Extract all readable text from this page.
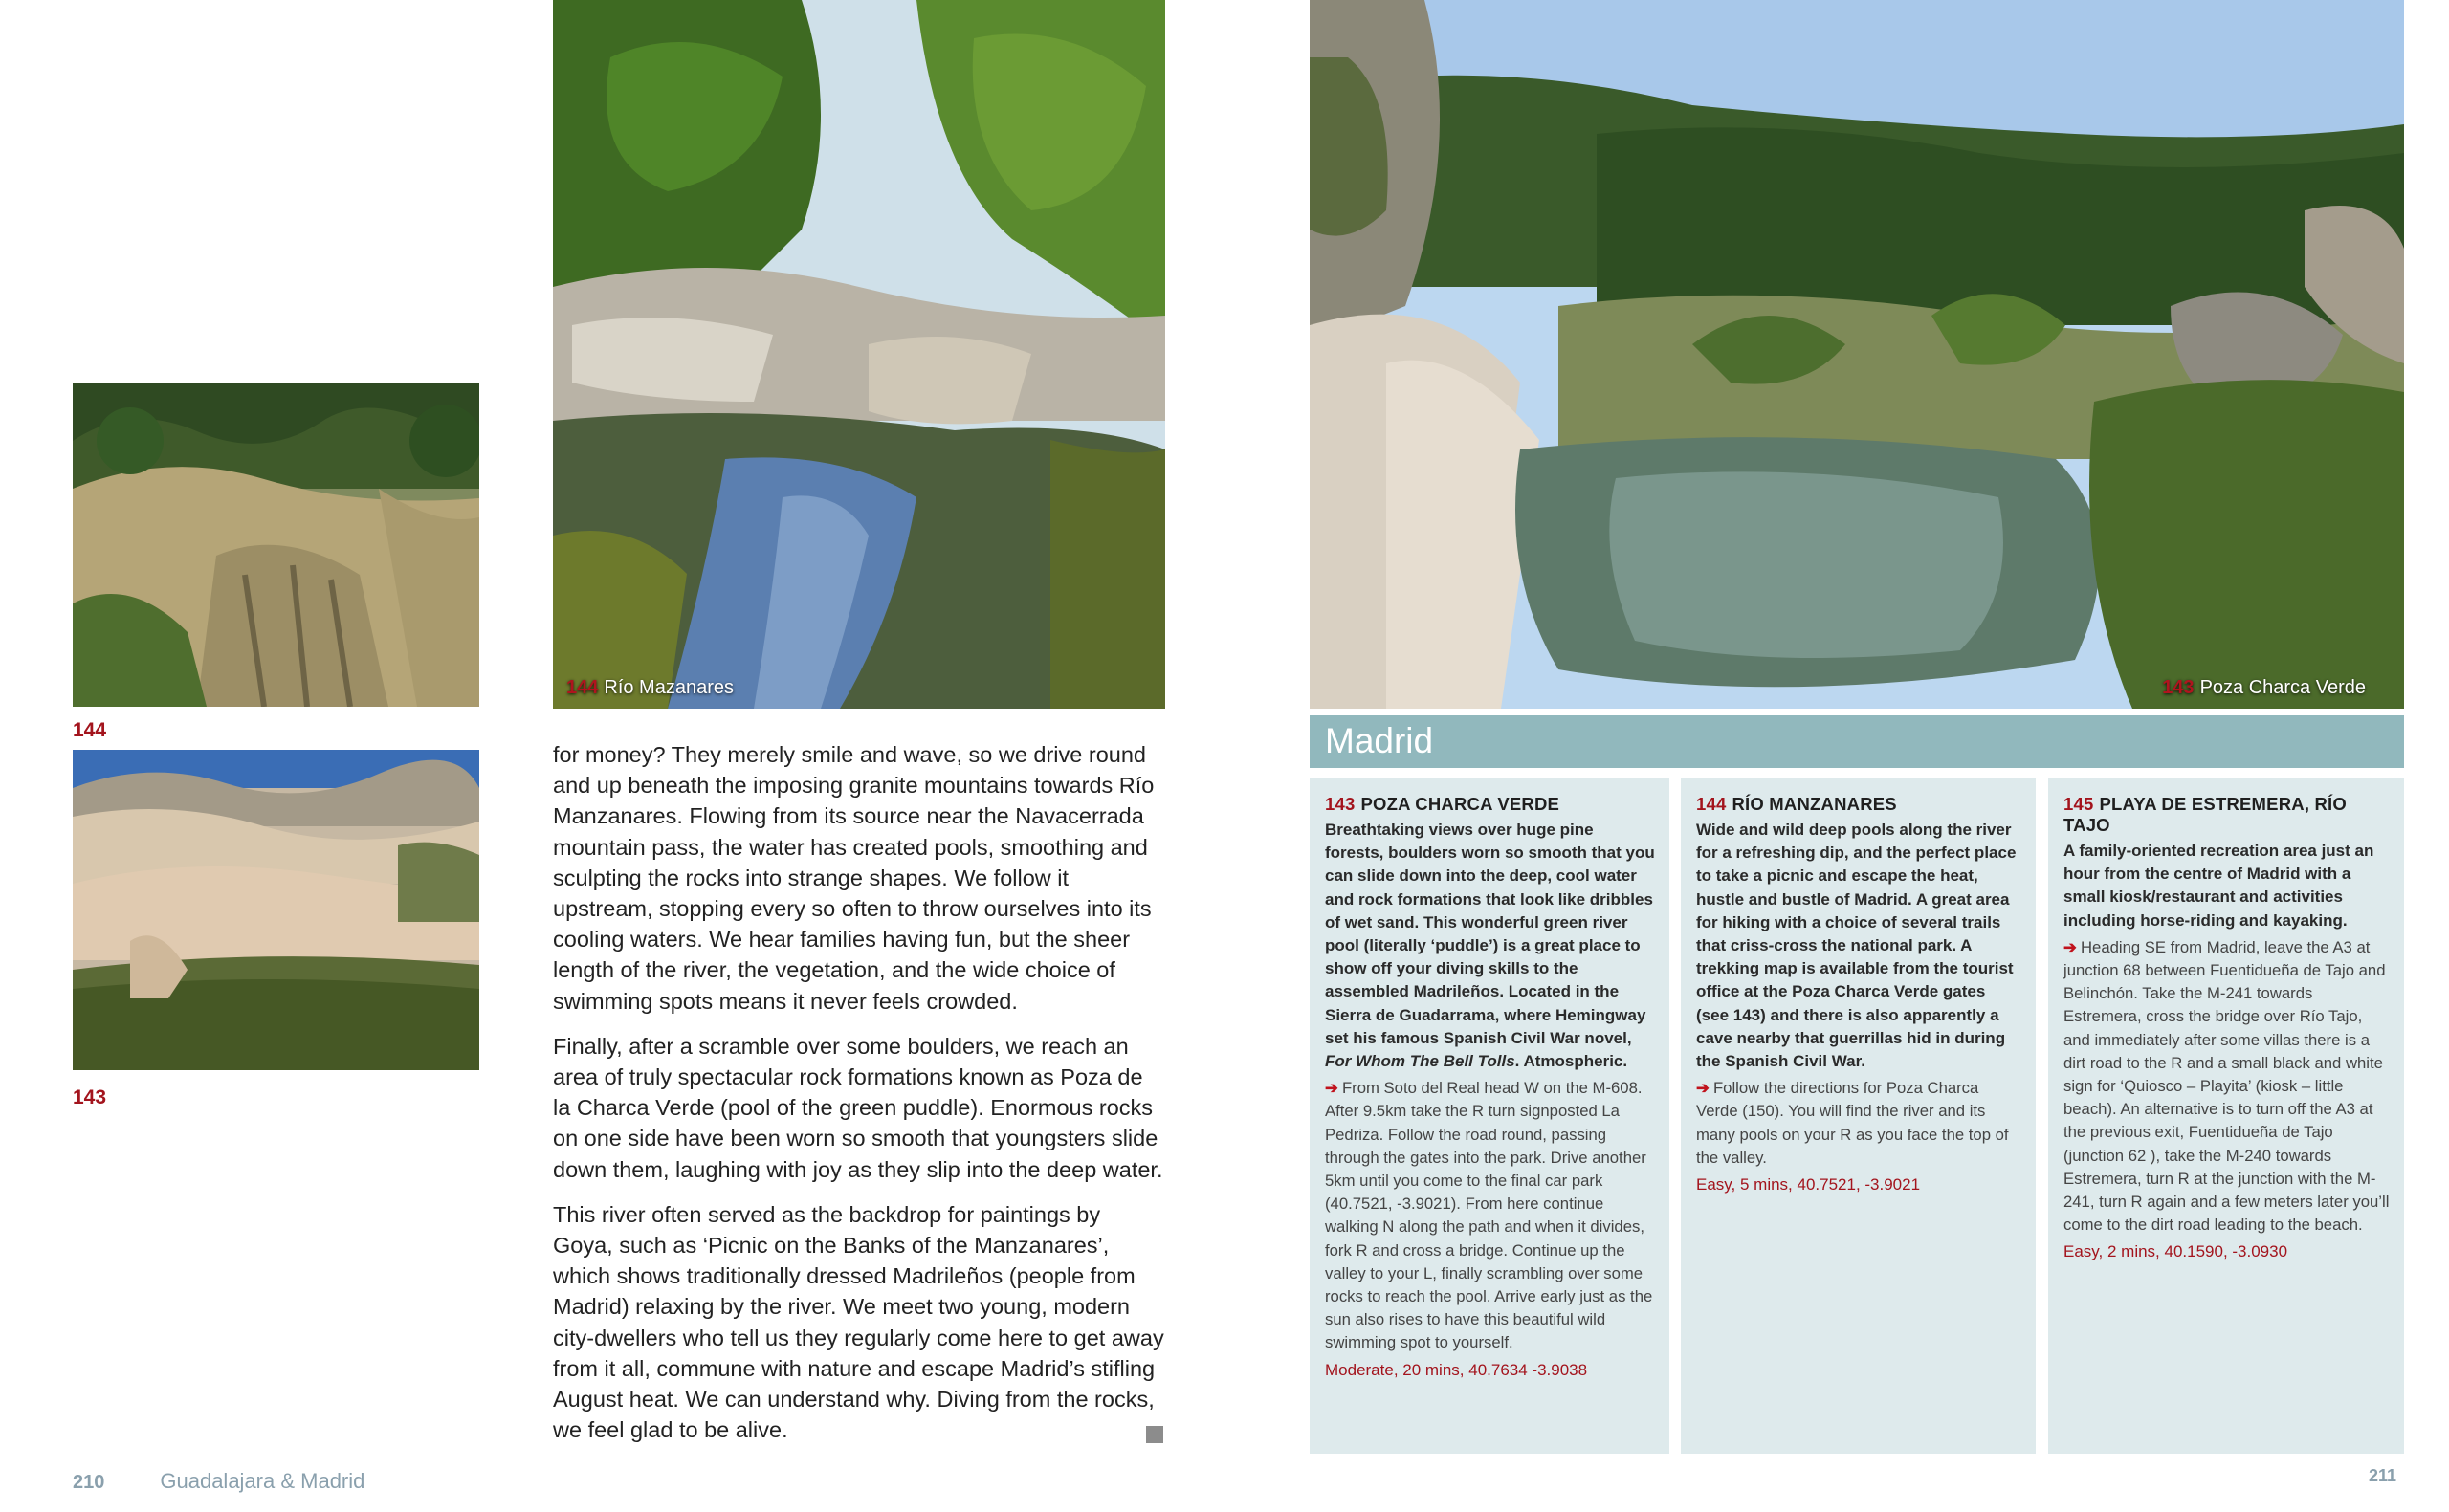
144
143
144 Río Mazanares

for money? They merely smile and wave, so we drive round and up beneath the imposing granite mountains towards Río Manzanares. Flowing from its source near the Navacerrada mountain pass, the water has created pools, smoothing and sculpting the rocks into strange shapes. We follow it upstream, stopping every so often to throw ourselves into its cooling waters. We hear families having fun, but the sheer length of the river, the vegetation, and the wide choice of swimming spots means it never feels crowded.

Finally, after a scramble over some boulders, we reach an area of truly spectacular rock formations known as Poza de la Charca Verde (pool of the green puddle). Enormous rocks on one side have been worn so smooth that youngsters slide down them, laughing with joy as they slip into the deep water.

This river often served as the backdrop for paintings by Goya, such as ‘Picnic on the Banks of the Manzanares’, which shows traditionally dressed Madrileños (people from Madrid) relaxing by the river. We meet two young, modern city-dwellers who tell us they regularly come here to get away from it all, commune with nature and escape Madrid’s stifling August heat. We can understand why. Diving from the rocks, we feel glad to be alive.

210	Guadalajara & Madrid
143 Poza Charca Verde
Madrid
143 POZA CHARCA VERDE
Breathtaking views over huge pine forests, boulders worn so smooth that you can slide down into the deep, cool water and rock formations that look like dribbles of wet sand. This wonderful green river pool (literally ‘puddle’) is a great place to show off your diving skills to the assembled Madrileños. Located in the Sierra de Guadarrama, where Hemingway set his famous Spanish Civil War novel, For Whom The Bell Tolls. Atmospheric.
➔ From Soto del Real head W on the M-608. After 9.5km take the R turn signposted La Pedriza. Follow the road round, passing through the gates into the park. Drive another 5km until you come to the final car park (40.7521, -3.9021). From here continue walking N along the path and when it divides, fork R and cross a bridge. Continue up the valley to your L, finally scrambling over some rocks to reach the pool. Arrive early just as the sun also rises to have this beautiful wild swimming spot to yourself.
Moderate, 20 mins, 40.7634 -3.9038
144 RÍO MANZANARES
Wide and wild deep pools along the river for a refreshing dip, and the perfect place to take a picnic and escape the heat, hustle and bustle of Madrid. A great area for hiking with a choice of several trails that criss-cross the national park. A trekking map is available from the tourist office at the Poza Charca Verde gates (see 143) and there is also apparently a cave nearby that guerrillas hid in during the Spanish Civil War.
➔ Follow the directions for Poza Charca Verde (150). You will find the river and its many pools on your R as you face the top of the valley.
Easy, 5 mins, 40.7521, -3.9021
145 PLAYA DE ESTREMERA, RÍO TAJO
A family-oriented recreation area just an hour from the centre of Madrid with a small kiosk/restaurant and activities including horse-riding and kayaking.
➔ Heading SE from Madrid, leave the A3 at junction 68 between Fuentidueña de Tajo and Belinchón. Take the M-241 towards Estremera, cross the bridge over Río Tajo, and immediately after some villas there is a dirt road to the R and a small black and white sign for ‘Quiosco – Playita’ (kiosk – little beach). An alternative is to turn off the A3 at the previous exit, Fuentidueña de Tajo (junction 62 ), take the M-240 towards Estremera, turn R at the junction with the M-241, turn R again and a few meters later you’ll come to the dirt road leading to the beach.
Easy, 2 mins, 40.1590, -3.0930
211
